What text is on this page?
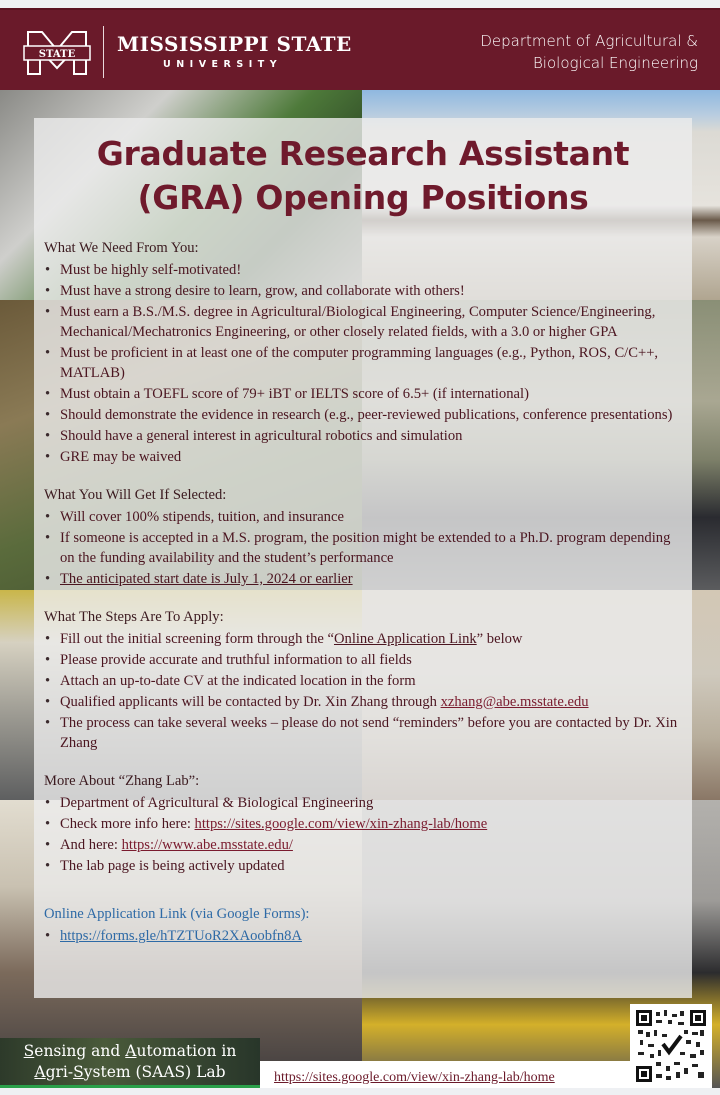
STATE MISSISSIPPI STATE
UNIVERSITY
Department of Agricultural &
Biological Engineering
Graduate Research Assistant
(GRA) Opening Positions
What We Need From You:
• Must be highly self-motivated!
• Must have a strong desire to learn, grow, and collaborate with others!
• Must earn a B.S./M.S. degree in Agricultural/Biological Engineering, Computer Science/Engineering, Mechanical/Mechatronics Engineering, or other closely related fields, with a 3.0 or higher GPA
• Must be proficient in at least one of the computer programming languages (e.g., Python, ROS, C/C++, MATLAB)
• Must obtain a TOEFL score of 79+ iBT or IELTS score of 6.5+ (if international)
• Should demonstrate the evidence in research (e.g., peer-reviewed publications, conference presentations)
• Should have a general interest in agricultural robotics and simulation
• GRE may be waived
What You Will Get If Selected:
• Will cover 100% stipends, tuition, and insurance
• If someone is accepted in a M.S. program, the position might be extended to a Ph.D. program depending on the funding availability and the student’s performance
• The anticipated start date is July 1, 2024 or earlier
What The Steps Are To Apply:
• Fill out the initial screening form through the “Online Application Link” below
• Please provide accurate and truthful information to all fields
• Attach an up-to-date CV at the indicated location in the form
• Qualified applicants will be contacted by Dr. Xin Zhang through xzhang@abe.msstate.edu
• The process can take several weeks – please do not send “reminders” before you are contacted by Dr. Xin Zhang
More About “Zhang Lab”:
• Department of Agricultural & Biological Engineering
• Check more info here: https://sites.google.com/view/xin-zhang-lab/home
• And here: https://www.abe.msstate.edu/
• The lab page is being actively updated
Online Application Link (via Google Forms):
• https://forms.gle/hTZTUoR2XAoobfn8A
Sensing and Automation in
Agri-System (SAAS) Lab	https://sites.google.com/view/xin-zhang-lab/home
